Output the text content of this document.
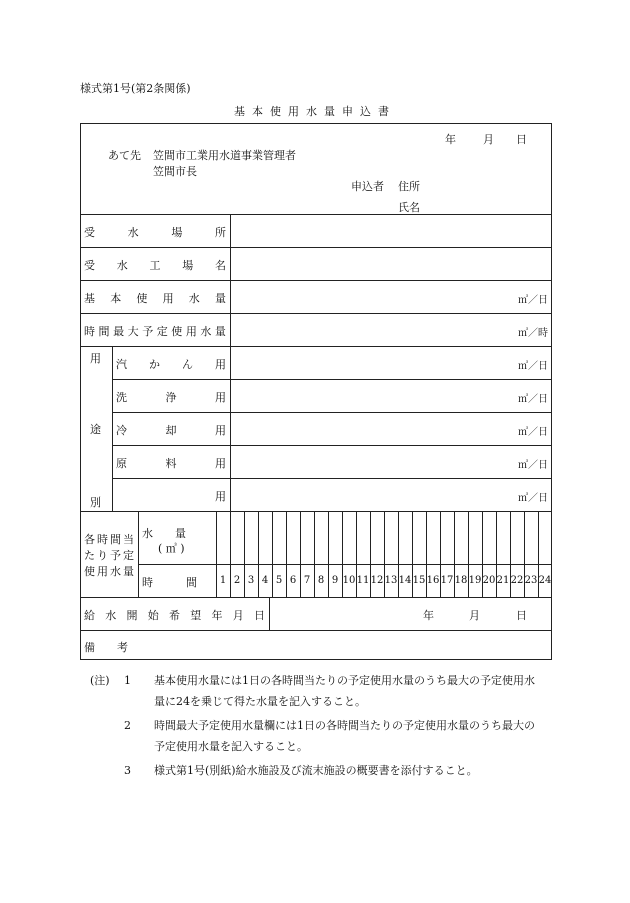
様式第1号(第2条関係)
基本使用水量申込書
年 月 日
あて先 笠間市工業用水道事業管理者
笠間市長
申込者 住所
氏名
受	水	場	所
受 水 工 場 名
基 本 使 用 水 量	㎥／日
時 間 最 大 予 定 使 用 水 量	㎥／時
用
途
別
汽 か ん 用	㎥／日
洗	浄	用	㎥／日
冷	却	用	㎥／日
原	料	用	㎥／日
用	㎥／日
各 時 間 当
た り 予 定
使 用 水 量
水　　量
( ㎥ )
時　　　間	1 2 3 4 5 6 7 8 9 10 11 12 13 14 15 16 17 18 19 20 21 22 23 24
給 水 開 始 希 望 年 月 日	年	月	日
備 考
(注) 1 基本使用水量には1日の各時間当たりの予定使用水量のうち最大の予定使用水
量に24を乗じて得た水量を記入すること。
2 時間最大予定使用水量欄には1日の各時間当たりの予定使用水量のうち最大の
予定使用水量を記入すること。
3 様式第1号(別紙)給水施設及び流末施設の概要書を添付すること。
